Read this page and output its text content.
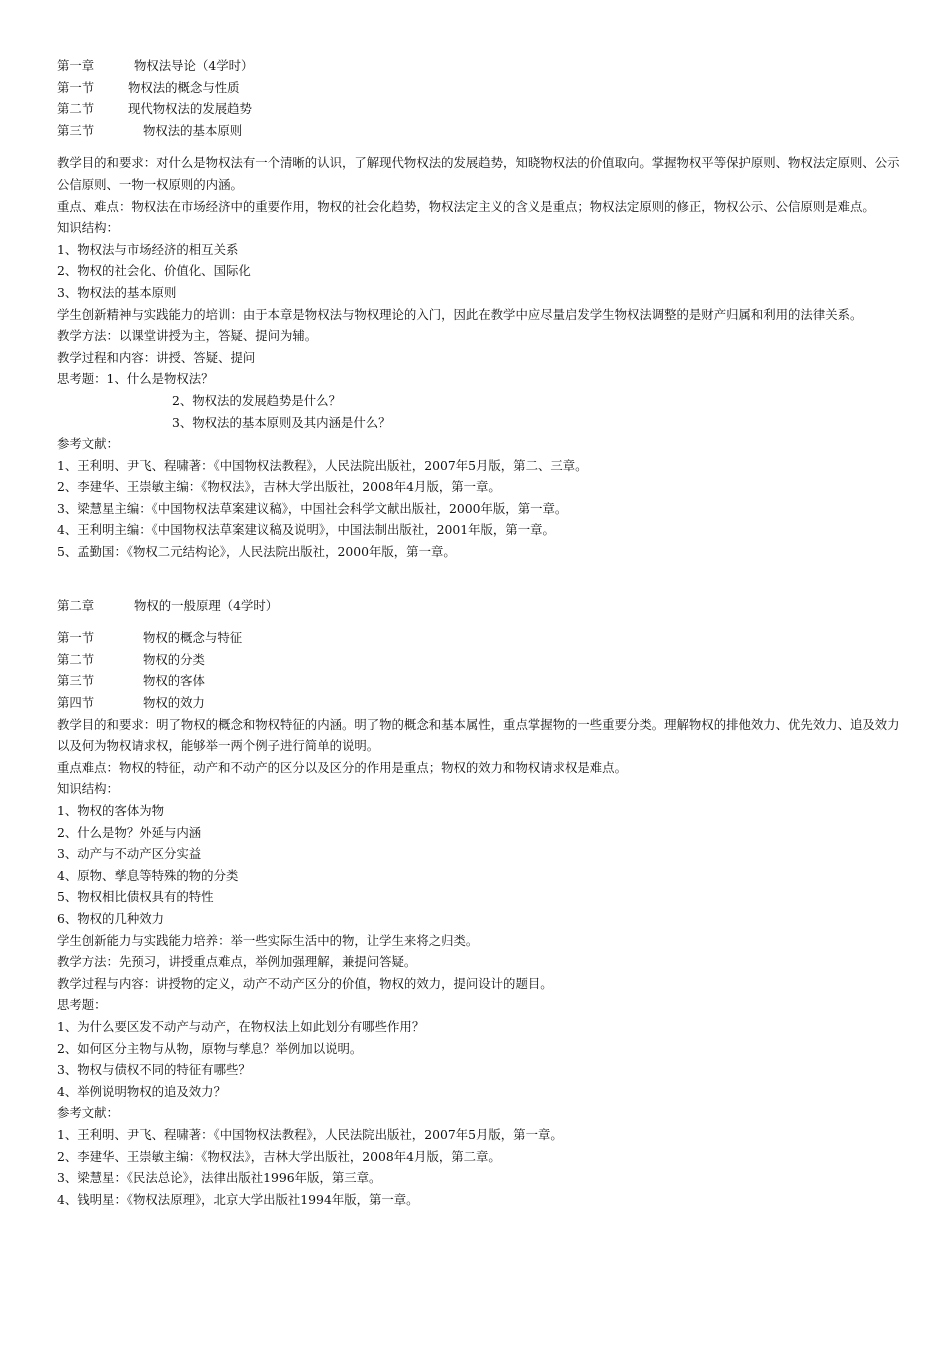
第一章	物权法导论（4学时）
第一节	物权法的概念与性质
第二节	现代物权法的发展趋势
第三节	物权法的基本原则
教学目的和要求：对什么是物权法有一个清晰的认识，了解现代物权法的发展趋势，知晓物权法的价值取向。掌握物权平等保护原则、物权法定原则、公示公信原则、一物一权原则的内涵。
重点、难点：物权法在市场经济中的重要作用，物权的社会化趋势，物权法定主义的含义是重点；物权法定原则的修正，物权公示、公信原则是难点。
知识结构：
1、物权法与市场经济的相互关系
2、物权的社会化、价值化、国际化
3、物权法的基本原则
学生创新精神与实践能力的培训：由于本章是物权法与物权理论的入门，因此在教学中应尽量启发学生物权法调整的是财产归属和利用的法律关系。
教学方法：以课堂讲授为主，答疑、提问为辅。
教学过程和内容：讲授、答疑、提问
思考题：1、什么是物权法？
2、物权法的发展趋势是什么？
3、物权法的基本原则及其内涵是什么？
参考文献：
1、王利明、尹飞、程啸著：《中国物权法教程》，人民法院出版社，2007年5月版，第二、三章。
2、李建华、王崇敏主编：《物权法》，吉林大学出版社，2008年4月版，第一章。
3、梁慧星主编：《中国物权法草案建议稿》，中国社会科学文献出版社，2000年版，第一章。
4、王利明主编：《中国物权法草案建议稿及说明》，中国法制出版社，2001年版，第一章。
5、孟勤国：《物权二元结构论》，人民法院出版社，2000年版，第一章。
第二章	物权的一般原理（4学时）
第一节	物权的概念与特征
第二节	物权的分类
第三节	物权的客体
第四节	物权的效力
教学目的和要求：明了物权的概念和物权特征的内涵。明了物的概念和基本属性，重点掌握物的一些重要分类。理解物权的排他效力、优先效力、追及效力以及何为物权请求权，能够举一两个例子进行简单的说明。
重点难点：物权的特征，动产和不动产的区分以及区分的作用是重点；物权的效力和物权请求权是难点。
知识结构：
1、物权的客体为物
2、什么是物？外延与内涵
3、动产与不动产区分实益
4、原物、孳息等特殊的物的分类
5、物权相比债权具有的特性
6、物权的几种效力
学生创新能力与实践能力培养：举一些实际生活中的物，让学生来将之归类。
教学方法：先预习，讲授重点难点，举例加强理解，兼提问答疑。
教学过程与内容：讲授物的定义，动产不动产区分的价值，物权的效力，提问设计的题目。
思考题：
1、为什么要区发不动产与动产，在物权法上如此划分有哪些作用？
2、如何区分主物与从物，原物与孳息？举例加以说明。
3、物权与债权不同的特征有哪些？
4、举例说明物权的追及效力？
参考文献：
1、王利明、尹飞、程啸著：《中国物权法教程》，人民法院出版社，2007年5月版，第一章。
2、李建华、王崇敏主编：《物权法》，吉林大学出版社，2008年4月版，第二章。
3、梁慧星：《民法总论》，法律出版社1996年版，第三章。
4、钱明星：《物权法原理》，北京大学出版社1994年版，第一章。
